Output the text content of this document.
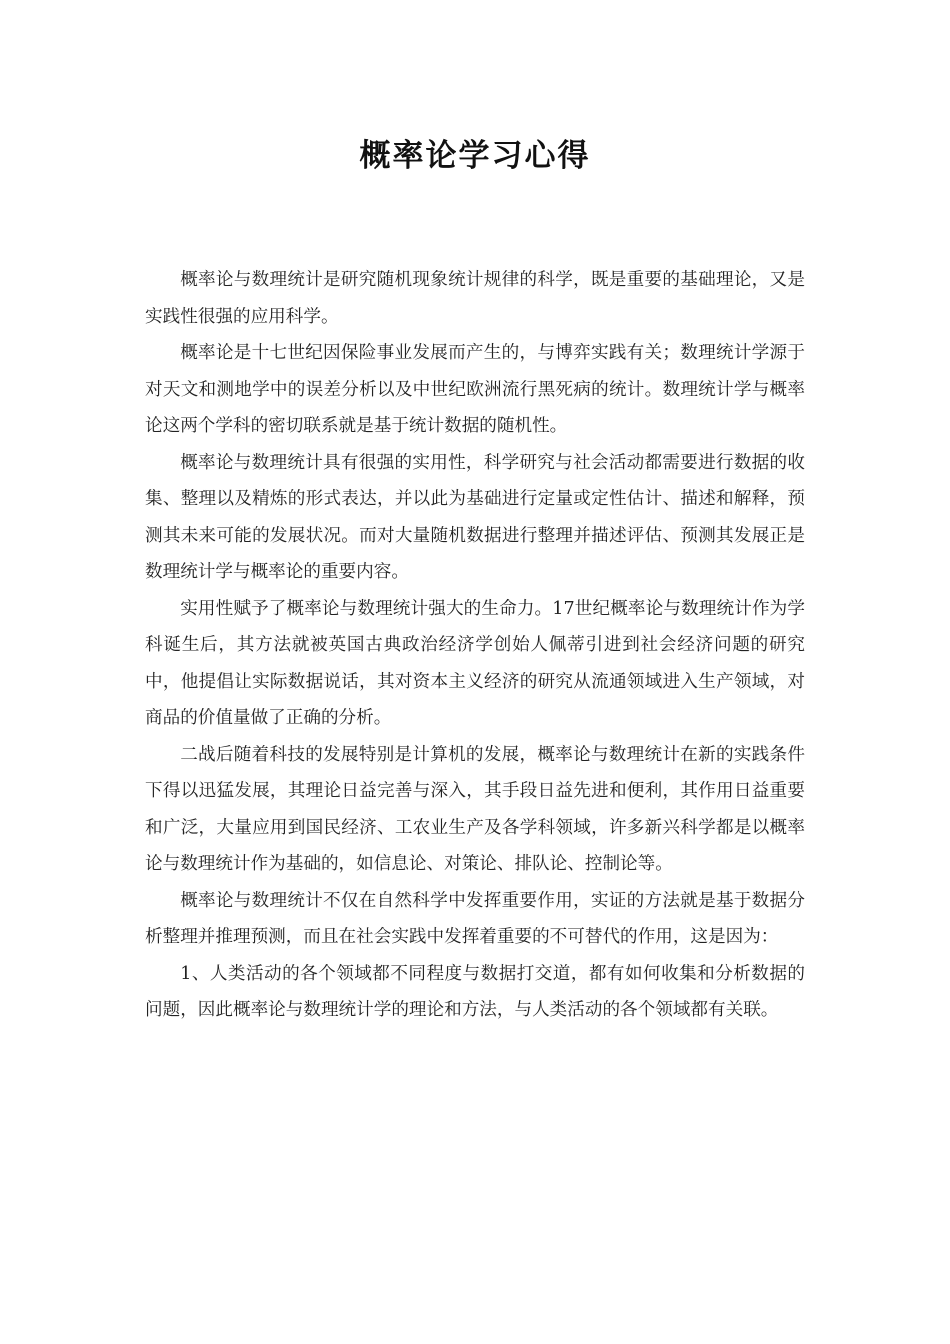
概率论学习心得

概率论与数理统计是研究随机现象统计规律的科学，既是重要的基础理论，又是实践性很强的应用科学。

概率论是十七世纪因保险事业发展而产生的，与博弈实践有关；数理统计学源于对天文和测地学中的误差分析以及中世纪欧洲流行黑死病的统计。数理统计学与概率论这两个学科的密切联系就是基于统计数据的随机性。

概率论与数理统计具有很强的实用性，科学研究与社会活动都需要进行数据的收集、整理以及精炼的形式表达，并以此为基础进行定量或定性估计、描述和解释，预测其未来可能的发展状况。而对大量随机数据进行整理并描述评估、预测其发展正是数理统计学与概率论的重要内容。

实用性赋予了概率论与数理统计强大的生命力。17世纪概率论与数理统计作为学科诞生后，其方法就被英国古典政治经济学创始人佩蒂引进到社会经济问题的研究中，他提倡让实际数据说话，其对资本主义经济的研究从流通领域进入生产领域，对商品的价值量做了正确的分析。

二战后随着科技的发展特别是计算机的发展，概率论与数理统计在新的实践条件下得以迅猛发展，其理论日益完善与深入，其手段日益先进和便利，其作用日益重要和广泛，大量应用到国民经济、工农业生产及各学科领域，许多新兴科学都是以概率论与数理统计作为基础的，如信息论、对策论、排队论、控制论等。

概率论与数理统计不仅在自然科学中发挥重要作用，实证的方法就是基于数据分析整理并推理预测，而且在社会实践中发挥着重要的不可替代的作用，这是因为：

1、人类活动的各个领域都不同程度与数据打交道，都有如何收集和分析数据的问题，因此概率论与数理统计学的理论和方法，与人类活动的各个领域都有关联。
